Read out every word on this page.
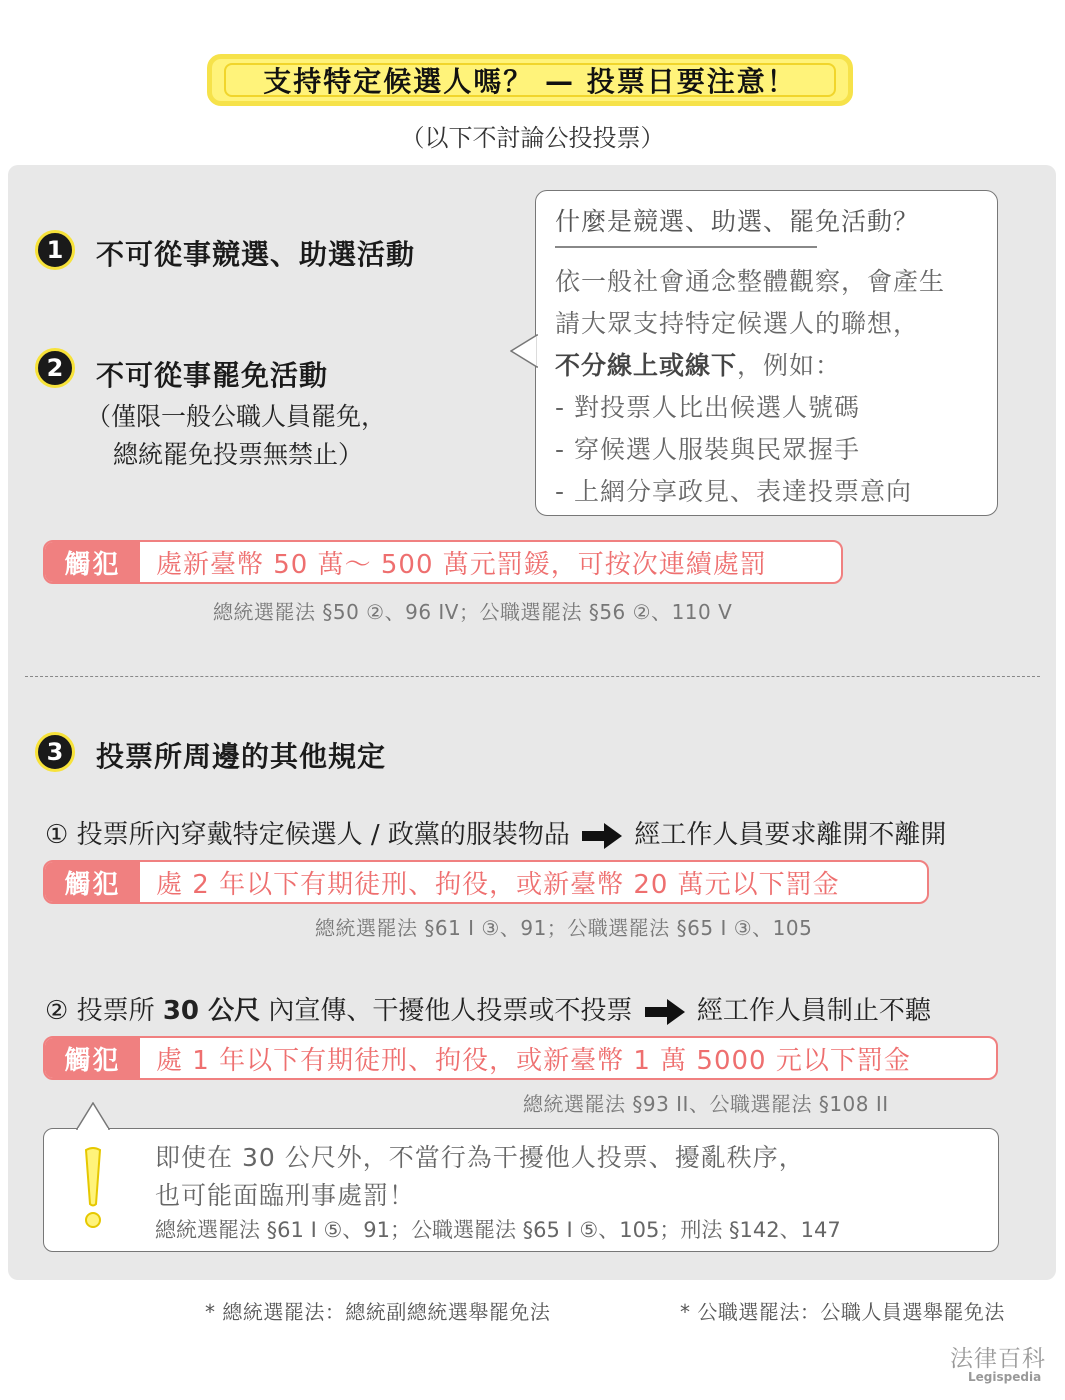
支持特定候選人嗎？ — 投票日要注意！
（以下不討論公投投票）
1	不可從事競選、助選活動
2	不可從事罷免活動
（僅限一般公職人員罷免，
總統罷免投票無禁止）
什麼是競選、助選、罷免活動？
依一般社會通念整體觀察，會產生
請大眾支持特定候選人的聯想，
不分線上或線下，例如：
- 對投票人比出候選人號碼
- 穿候選人服裝與民眾握手
- 上網分享政見、表達投票意向
觸犯	處新臺幣 50 萬～ 500 萬元罰鍰，可按次連續處罰
總統選罷法 §50 ②、96 IV；公職選罷法 §56 ②、110 V
3	投票所周邊的其他規定
① 投票所內穿戴特定候選人 / 政黨的服裝物品 經工作人員要求離開不離開
觸犯	處 2 年以下有期徒刑、拘役，或新臺幣 20 萬元以下罰金
總統選罷法 §61 I ③、91；公職選罷法 §65 I ③、105
② 投票所 30 公尺 內宣傳、干擾他人投票或不投票 經工作人員制止不聽
觸犯	處 1 年以下有期徒刑、拘役，或新臺幣 1 萬 5000 元以下罰金
總統選罷法 §93 II、公職選罷法 §108 II
即使在 30 公尺外，不當行為干擾他人投票、擾亂秩序，
也可能面臨刑事處罰！
總統選罷法 §61 I ⑤、91；公職選罷法 §65 I ⑤、105；刑法 §142、147
* 總統選罷法：總統副總統選舉罷免法	* 公職選罷法：公職人員選舉罷免法
法律百科
Legispedia
